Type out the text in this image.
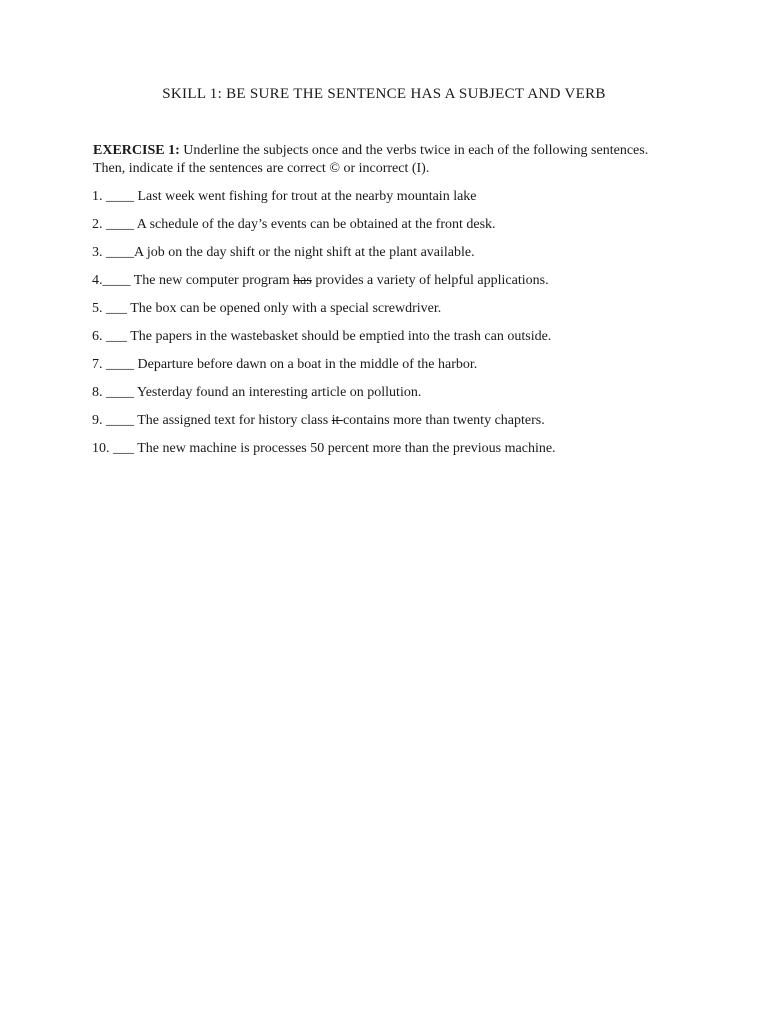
SKILL 1: BE SURE THE SENTENCE HAS A SUBJECT AND VERB
EXERCISE 1: Underline the subjects once and the verbs twice in each of the following sentences. Then, indicate if the sentences are correct © or incorrect (I).
1. ____ Last week went fishing for trout at the nearby mountain lake
2. ____ A schedule of the day’s events can be obtained at the front desk.
3. ____A job on the day shift or the night shift at the plant available.
4.____ The new computer program has provides a variety of helpful applications.
5. ___ The box can be opened only with a special screwdriver.
6. ___ The papers in the wastebasket should be emptied into the trash can outside.
7. ____ Departure before dawn on a boat in the middle of the harbor.
8. ____ Yesterday found an interesting article on pollution.
9. ____ The assigned text for history class it contains more than twenty chapters.
10. ___ The new machine is processes 50 percent more than the previous machine.
